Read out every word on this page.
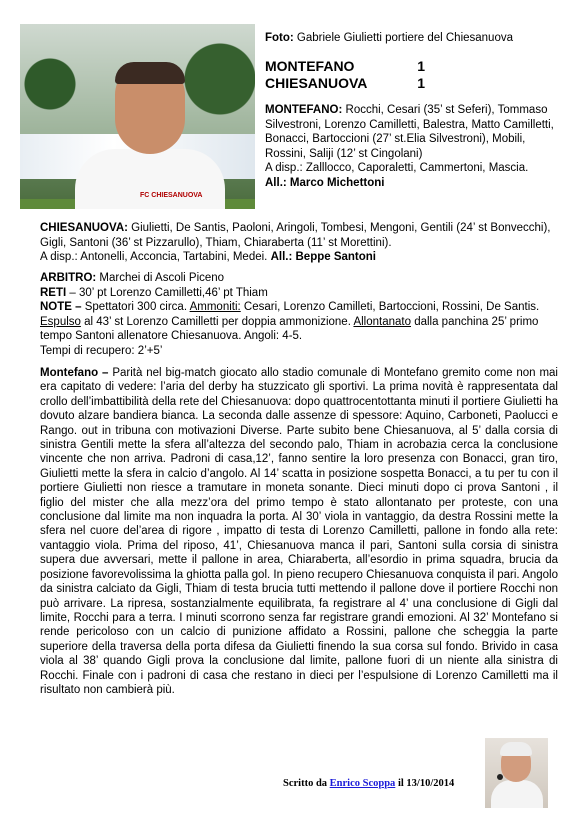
FC CHIESANUOVA
Foto: Gabriele Giulietti portiere del Chiesanuova
MONTEFANO	1
CHIESANUOVA	1
MONTEFANO: Rocchi, Cesari (35’ st Seferi), Tommaso Silvestroni, Lorenzo Camilletti, Balestra, Matto Camilletti, Bonacci, Bartoccioni (27’ st.Elia Silvestroni), Mobili, Rossini, Saliji (12’ st Cingolani)
A disp.: Zalllocco, Caporaletti, Cammertoni, Mascia.
All.: Marco Michettoni
CHIESANUOVA: Giulietti, De Santis, Paoloni, Aringoli, Tombesi, Mengoni, Gentili (24’ st Bonvecchi), Gigli, Santoni (36’ st Pizzarullo), Thiam, Chiaraberta (11’ st Morettini).
A disp.: Antonelli, Acconcia, Tartabini, Medei. All.: Beppe Santoni
ARBITRO: Marchei di Ascoli Piceno
RETI – 30’ pt Lorenzo Camilletti,46’ pt Thiam
NOTE – Spettatori 300 circa. Ammoniti: Cesari, Lorenzo Camilleti, Bartoccioni, Rossini, De Santis. Espulso al 43’ st Lorenzo Camilletti per doppia ammonizione. Allontanato dalla panchina 25’ primo tempo Santoni allenatore Chiesanuova. Angoli: 4-5.
Tempi di recupero: 2’+5’
Montefano – Parità nel big-match giocato allo stadio comunale di Montefano gremito come non mai era capitato di vedere: l’aria del derby ha stuzzicato gli sportivi. La prima novità è rappresentata dal crollo dell’imbattibilità della rete del Chiesanuova: dopo quattrocentottanta minuti il portiere Giulietti ha dovuto alzare bandiera bianca. La seconda dalle assenze di spessore: Aquino, Carboneti, Paolucci e Rango. out in tribuna con motivazioni Diverse. Parte subito bene Chiesanuova, al 5’ dalla corsia di sinistra Gentili mette la sfera all’altezza del secondo palo, Thiam in acrobazia cerca la conclusione vincente che non arriva. Padroni di casa,12’, fanno sentire la loro presenza con Bonacci, gran tiro, Giulietti mette la sfera in calcio d’angolo. Al 14’ scatta in posizione sospetta Bonacci, a tu per tu con il portiere Giulietti non riesce a tramutare in moneta sonante. Dieci minuti dopo ci prova Santoni , il figlio del mister che alla mezz’ora del primo tempo è stato allontanato per proteste, con una conclusione dal limite ma non inquadra la porta. Al 30’ viola in vantaggio, da destra Rossini mette la sfera nel cuore del’area di rigore , impatto di testa di Lorenzo Camilletti, pallone in fondo alla rete: vantaggio viola. Prima del riposo, 41’, Chiesanuova manca il pari, Santoni sulla corsia di sinistra supera due avversari, mette il pallone in area, Chiaraberta, all’esordio in prima squadra, brucia da posizione favorevolissima la ghiotta palla gol. In pieno recupero Chiesanuova conquista il pari. Angolo da sinistra calciato da Gigli, Thiam di testa brucia tutti mettendo il pallone dove il portiere Rocchi non può arrivare. La ripresa, sostanzialmente equilibrata, fa registrare al 4’ una conclusione di Gigli dal limite, Rocchi para a terra. I minuti scorrono senza far registrare grandi emozioni. Al 32’ Montefano si rende pericoloso con un calcio di punizione affidato a Rossini, pallone che scheggia la parte superiore della traversa della porta difesa da Giulietti finendo la sua corsa sul fondo. Brivido in casa viola al 38’ quando Gigli prova la conclusione dal limite, pallone fuori di un niente alla sinistra di Rocchi. Finale con i padroni di casa che restano in dieci per l’espulsione di Lorenzo Camilletti ma il risultato non cambierà più.
Scritto da Enrico Scoppa il 13/10/2014
